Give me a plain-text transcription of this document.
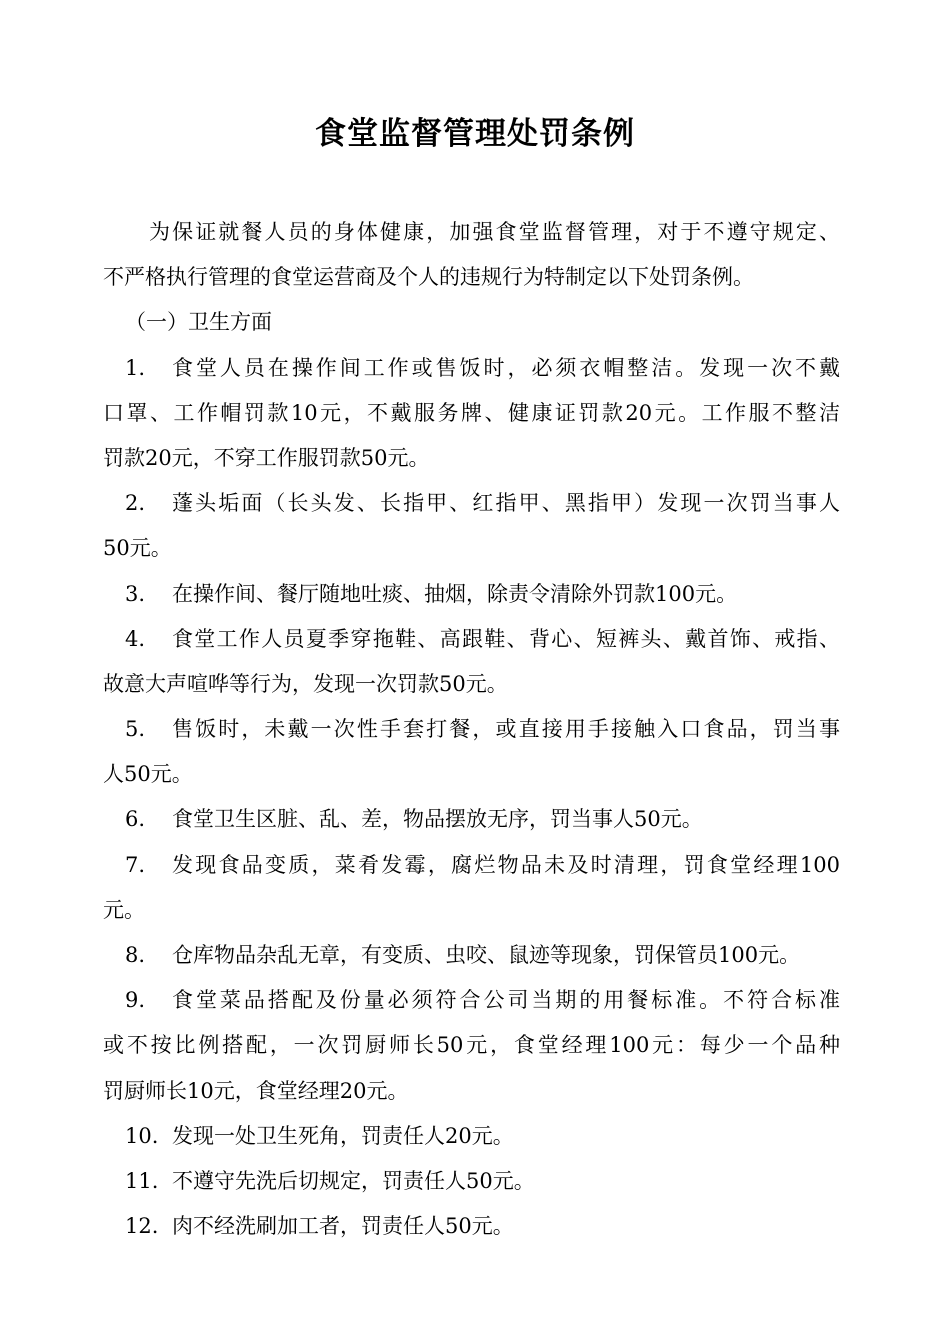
食堂监督管理处罚条例
为保证就餐人员的身体健康，加强食堂监督管理，对于不遵守规定、
不严格执行管理的食堂运营商及个人的违规行为特制定以下处罚条例。
（一）卫生方面
1.	食堂人员在操作间工作或售饭时，必须衣帽整洁。发现一次不戴
口罩、工作帽罚款10元，不戴服务牌、健康证罚款20元。工作服不整洁
罚款20元，不穿工作服罚款50元。
2.	蓬头垢面（长头发、长指甲、红指甲、黑指甲）发现一次罚当事人
50元。
3.	在操作间、餐厅随地吐痰、抽烟，除责令清除外罚款100元。
4.	食堂工作人员夏季穿拖鞋、高跟鞋、背心、短裤头、戴首饰、戒指、
故意大声喧哗等行为，发现一次罚款50元。
5.	售饭时，未戴一次性手套打餐，或直接用手接触入口食品，罚当事
人50元。
6.	食堂卫生区脏、乱、差，物品摆放无序，罚当事人50元。
7.	发现食品变质，菜肴发霉，腐烂物品未及时清理，罚食堂经理100
元。
8.	仓库物品杂乱无章，有变质、虫咬、鼠迹等现象，罚保管员100元。
9.	食堂菜品搭配及份量必须符合公司当期的用餐标准。不符合标准
或不按比例搭配，一次罚厨师长50元，食堂经理100元：每少一个品种
罚厨师长10元，食堂经理20元。
10. 发现一处卫生死角，罚责任人20元。
11. 不遵守先洗后切规定，罚责任人50元。
12. 肉不经洗刷加工者，罚责任人50元。
